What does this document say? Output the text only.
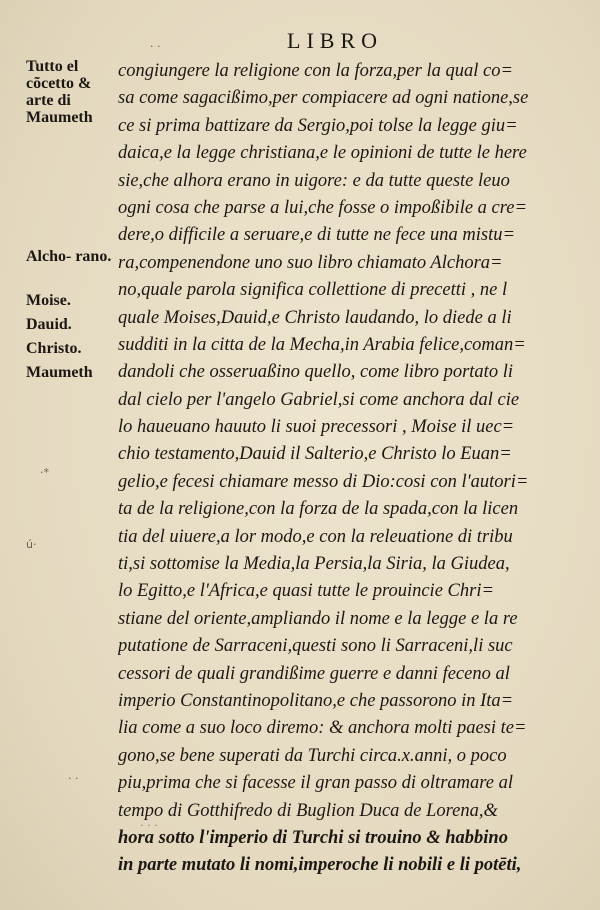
LIBRO
· ·
·*
ú·
· ·
· · ·
Tutto el cõcetto & arte di Maumeth
Alcho‑ rano.
Moise.
Dauid.
Christo.
Maumeth
congiungere la religione con la forza,per la qual co=
sa come sagacißimo,per compiacere ad ogni natione,se
ce si prima battizare da Sergio,poi tolse la legge giu=
daica,e la legge christiana,e le opinioni de tutte le here
sie,che alhora erano in uigore: e da tutte queste leuo
ogni cosa che parse a lui,che fosse o impoßibile a cre=
dere,o difficile a seruare,e di tutte ne fece una mistu=
ra,compenendone uno suo libro chiamato Alchora=
no,quale parola significa collettione di precetti , ne l
quale Moises,Dauid,e Christo laudando, lo diede a li
sudditi in la citta de la Mecha,in Arabia felice,coman=
dandoli che osseruaßino quello, come libro portato li
dal cielo per l'angelo Gabriel,si come anchora dal cie
lo haueuano hauuto li suoi precessori , Moise il uec=
chio testamento,Dauid il Salterio,e Christo lo Euan=
gelio,e fecesi chiamare messo di Dio:cosi con l'autori=
ta de la religione,con la forza de la spada,con la licen
tia del uiuere,a lor modo,e con la releuatione di tribu
ti,si sottomise la Media,la Persia,la Siria, la Giudea,
lo Egitto,e l'Africa,e quasi tutte le prouincie Chri=
stiane del oriente,ampliando il nome e la legge e la re
putatione de Sarraceni,questi sono li Sarraceni,li suc
cessori de quali grandißime guerre e danni feceno al
imperio Constantinopolitano,e che passorono in Ita=
lia come a suo loco diremo: & anchora molti paesi te=
gono,se bene superati da Turchi circa.x.anni, o poco
piu,prima che si facesse il gran passo di oltramare al
tempo di Gotthifredo di Buglion Duca de Lorena,&
hora sotto l'imperio di Turchi si trouino & habbino
in parte mutato li nomi,imperoche li nobili e li potēti,
